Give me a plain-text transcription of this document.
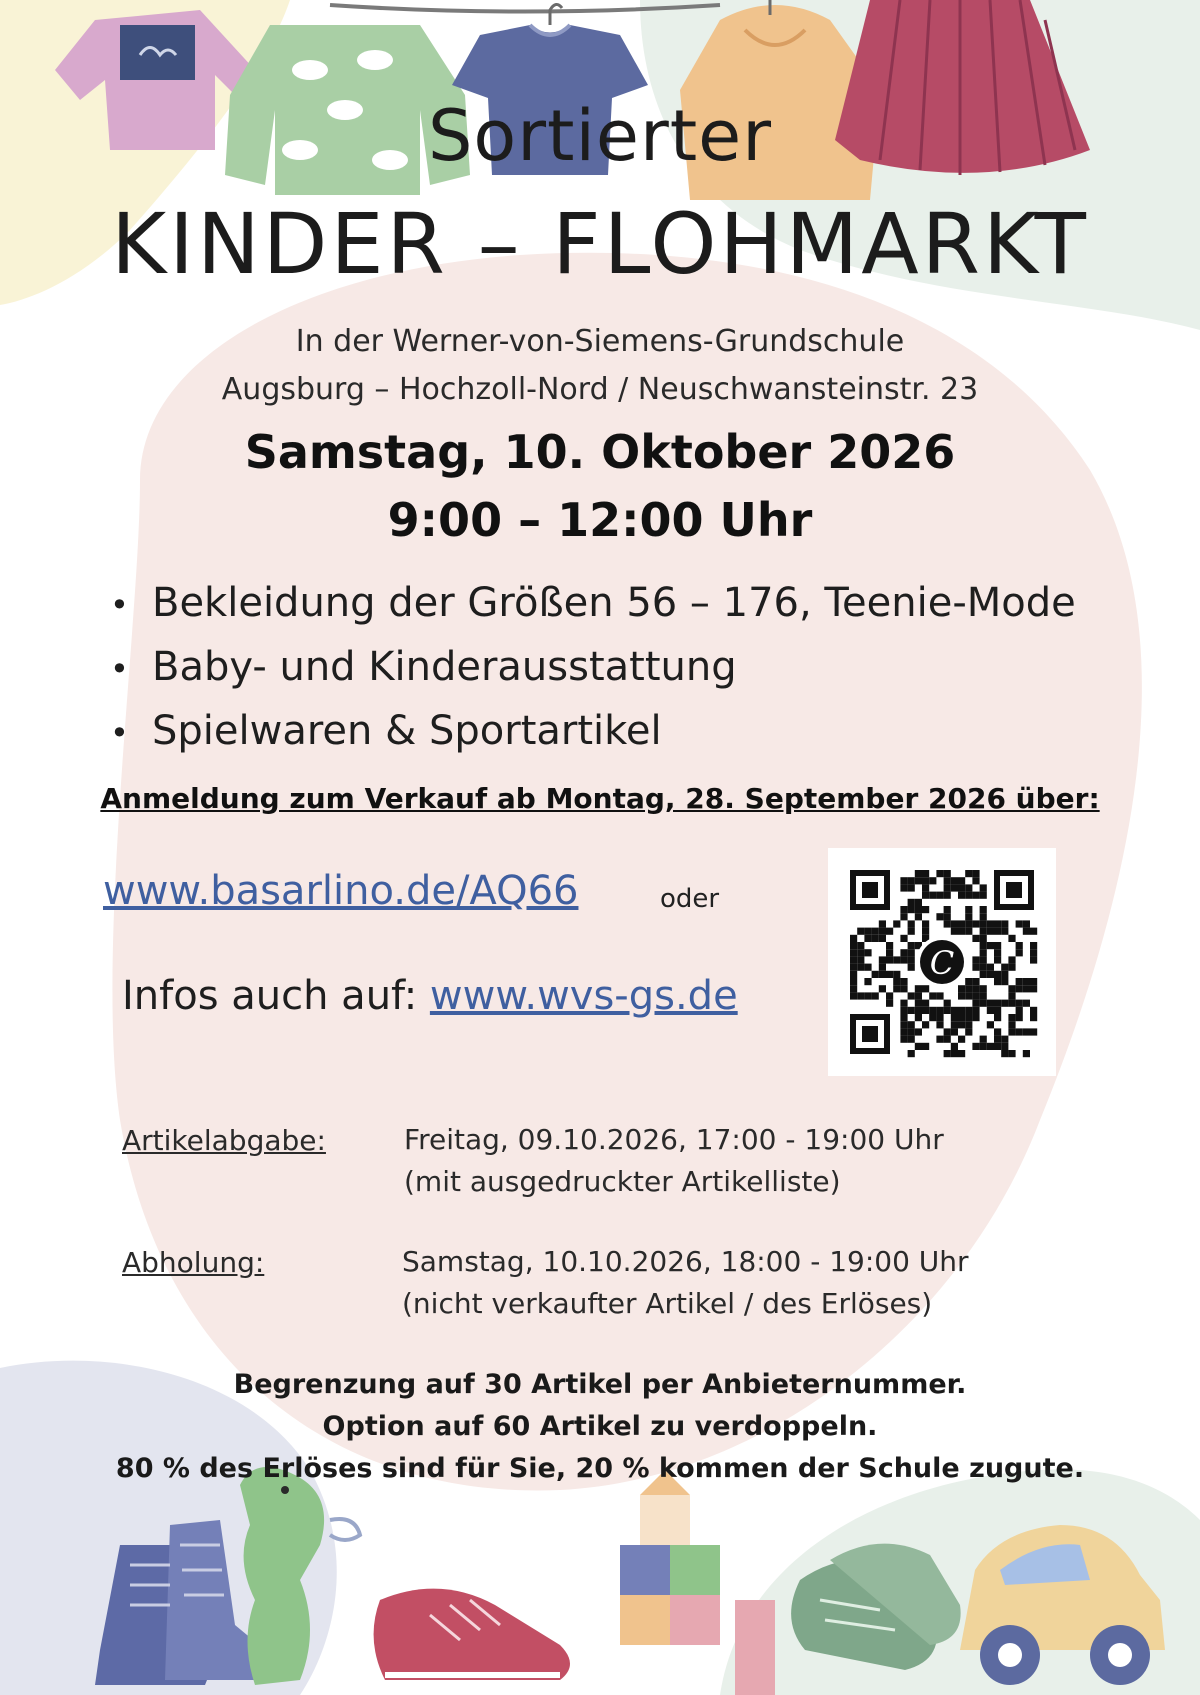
Sortierter
KINDER – FLOHMARKT
In der Werner-von-Siemens-Grundschule
Augsburg – Hochzoll-Nord / Neuschwansteinstr. 23
Samstag, 10. Oktober 2026
9:00 – 12:00 Uhr
• Bekleidung der Größen 56 – 176, Teenie-Mode
• Baby- und Kinderausstattung
• Spielwaren & Sportartikel
Anmeldung zum Verkauf ab Montag, 28. September 2026 über:
www.basarlino.de/AQ66	oder
Infos auch auf: www.wvs-gs.de
C
Artikelabgabe:	Freitag, 09.10.2026, 17:00 - 19:00 Uhr
(mit ausgedruckter Artikelliste)
Abholung:	Samstag, 10.10.2026, 18:00 - 19:00 Uhr
(nicht verkaufter Artikel / des Erlöses)
Begrenzung auf 30 Artikel per Anbieternummer.
Option auf 60 Artikel zu verdoppeln.
80 % des Erlöses sind für Sie, 20 % kommen der Schule zugute.
